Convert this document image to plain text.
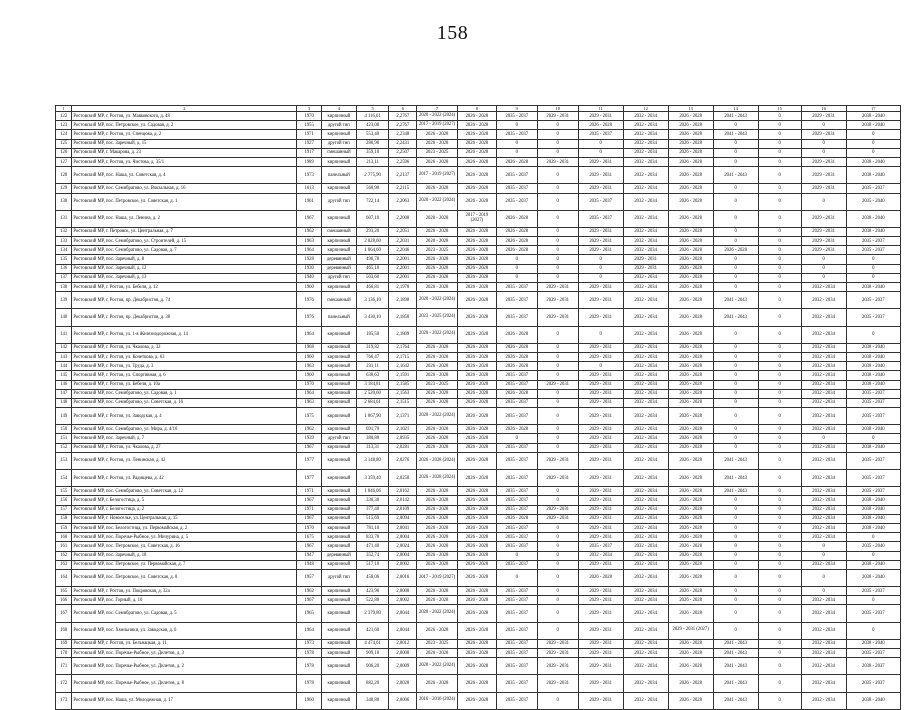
158
1	2	3	4	5	6	7	8	9	10	11	12	13	14	15	16	17
122	Ростовский МР, г. Ростов, ул. Маяковского, д. 48	1970	кирпичный	4 116,61	2,2767	2020 - 2022 (2024)	2026 - 2028	2035 - 2037	2029 - 2031	2029 - 2031	2032 - 2034	2026 - 2028	2041 - 2043	0	2029 - 2031	2038 - 2040
123	Ростовский МР, пос. Петровское, ул. Садовая, д. 2	1955	другой тип	423,00	2,2767	2017 - 2019 (2027)	2026 - 2028	0	0	2026 - 2028	2032 - 2034	2026 - 2028	0	0	0	2038 - 2040
124	Ростовский МР, г. Ростов, ул. Спенцова, д. 2	1971	кирпичный	553,40	2,2348	2026 - 2028	2026 - 2028	2035 - 2037	0	2035 - 2037	2032 - 2034	2026 - 2028	2041 - 2043	0	2029 - 2031	0
125	Ростовский МР, пос. Заречный, д. 15	1927	другой тип	286,90	2,2431	2026 - 2028	2026 - 2028	0	0	0	2032 - 2034	2026 - 2028	0	0	0	0
126	Ростовский МР, г. Макарова, д. 23	1917	смешанный	359,10	2,2507	2023 - 2025	2026 - 2028	0	0	0	2032 - 2034	2026 - 2028	0	0	0	0
127	Ростовский МР, г. Ростов, ул. Чистова, д. 35/1	1989	кирпичный	213,11	2,2596	2026 - 2028	2026 - 2028	2026 - 2028	2029 - 2031	2029 - 2031	2032 - 2034	2026 - 2028	0	0	2029 - 2031	2038 - 2040
128	Ростовский МР, пос. Наша, ул. Советская, д. 4	1973	панельный	2 775,90	2,2137	2017 - 2019 (2027)	2026 - 2028	2035 - 2037	0	2029 - 2031	2032 - 2034	2026 - 2028	2041 - 2043	0	2029 - 2031	2038 - 2040
129	Ростовский МР, пос. Семибратово, ул. Вокзальная, д. 16	1613	кирпичный	560,90	2,2115	2026 - 2028	2026 - 2028	2035 - 2037	0	2029 - 2031	2032 - 2034	2026 - 2028	0	0	2029 - 2031	2035 - 2037
130	Ростовский МР, пос. Петровское, ул. Советская, д. 1	1961	другой тип	722,14	2,2063	2020 - 2022 (2024)	2026 - 2028	2035 - 2037	0	2035 - 2037	2032 - 2034	2026 - 2028	0	0	0	2035 - 2040
131	Ростовский МР, пос. Наша, ул. Ленина, д. 2	1967	кирпичный	607,10	2,2008	2020 - 2028	2017 - 2019 (2027)	2026 - 2028	0	2035 - 2037	2032 - 2034	2026 - 2028	0	0	2029 - 2031	2038 - 2040
132	Ростовский МР, г. Петровск, ул. Центральная, д. 7	1962	смешанный	293,20	2,2051	2026 - 2028	2026 - 2028	2026 - 2028	0	2029 - 2031	2032 - 2034	2026 - 2028	0	0	2029 - 2031	2038 - 2040
133	Ростовский МР, пос. Семибратово, ул. Строителей, д. 15	1963	кирпичный	2 028,60	2,2031	2020 - 2028	2026 - 2028	2026 - 2028	0	2029 - 2031	2032 - 2034	2026 - 2028	0	0	2029 - 2031	2035 - 2037
134	Ростовский МР, пос. Семибратово, ул. Садовая, д. 7	1964	кирпичный	1 064,60	2,2046	2023 - 2025	2026 - 2028	2026 - 2028	0	2029 - 2031	2032 - 2034	2026 - 2028	2026 - 2028	0	2029 - 2031	2035 - 2037
135	Ростовский МР, пос. Заречный, д. 8	1928	деревянный	496,78	2,2001	2026 - 2028	2026 - 2028	0	0	0	2029 - 2031	2026 - 2028	0	0	0	0
136	Ростовский МР, пос. Заречный, д. 12	1930	деревянный	465,10	2,2001	2026 - 2028	2026 - 2028	0	0	0	2029 - 2031	2026 - 2028	0	0	0	0
137	Ростовский МР, пос. Заречный, д. 13	1940	другой тип	503,60	2,2001	2026 - 2028	2026 - 2028	0	0	0	2032 - 2034	2026 - 2028	0	0	0	0
138	Ростовский МР, г. Ростов, ул. Бебеля, д. 12	1960	кирпичный	466,81	2,1978	2026 - 2028	2026 - 2028	2035 - 2037	2029 - 2031	2029 - 2031	2032 - 2034	2026 - 2028	0	0	2032 - 2034	2038 - 2040
139	Ростовский МР, г. Ростов, пр. Декабристов, д. 74	1976	смешанный	3 136,10	2,1898	2020 - 2022 (2024)	2026 - 2028	2035 - 2037	2029 - 2031	2029 - 2031	2032 - 2034	2026 - 2028	2041 - 2043	0	2032 - 2034	2035 - 2037
140	Ростовский МР, г. Ростов, пр. Декабристов, д. 38	1976	панельный	3 430,10	2,1850	2023 - 2025 (2024)	2026 - 2028	2035 - 2037	2029 - 2031	2029 - 2031	2032 - 2034	2026 - 2028	2041 - 2043	0	2032 - 2034	2035 - 2037
141	Ростовский МР, г. Ростов, ул. 1-я Железнодорожная, д. 14	1964	кирпичный	185,50	2,1809	2020 - 2022 (2024)	2026 - 2028	2026 - 2028	0	0	2032 - 2034	2026 - 2028	0	0	2032 - 2034	0
142	Ростовский МР, г. Ростов, ул. Чкалова, д. 32	1968	кирпичный	319,82	2,1764	2026 - 2028	2026 - 2028	2026 - 2028	0	2029 - 2031	2032 - 2034	2026 - 2028	0	0	2032 - 2034	2038 - 2040
143	Ростовский МР, г. Ростов, ул. Кочеткова, д. 63	1960	кирпичный	766,47	2,1715	2026 - 2028	2026 - 2028	2026 - 2028	0	2029 - 2031	2032 - 2034	2026 - 2028	0	0	2032 - 2034	2038 - 2040
144	Ростовский МР, г. Ростов, ул. Труда, д. 3	1963	кирпичный	231,11	2,1642	2026 - 2028	2026 - 2028	2026 - 2028	0	0	2032 - 2034	2026 - 2028	0	0	2032 - 2034	2038 - 2040
145	Ростовский МР, г. Ростов, ул. Спортивная, д. 6	1960	кирпичный	630,63	2,1591	2026 - 2028	2026 - 2028	2035 - 2037	0	2029 - 2031	2032 - 2034	2026 - 2028	0	0	2032 - 2034	2038 - 2040
146	Ростовский МР, г. Ростов, ул. Бебеля, д. 10а	1970	кирпичный	3 184,81	2,1585	2023 - 2025	2026 - 2028	2035 - 2037	2029 - 2031	2029 - 2031	2032 - 2034	2026 - 2028	0	0	2032 - 2034	2038 - 2040
147	Ростовский МР, пос. Семибратово, ул. Садовая, д. 1	1964	кирпичный	2 520,60	2,1563	2026 - 2028	2026 - 2028	2026 - 2028	0	2029 - 2031	2032 - 2034	2026 - 2028	0	0	2032 - 2034	2035 - 2037
148	Ростовский МР, пос. Семибратово, ул. Советская, д. 16	1963	кирпичный	2 684,61	2,1515	2026 - 2028	2026 - 2028	2035 - 2037	0	2029 - 2031	2032 - 2034	2026 - 2028	0	0	2032 - 2034	2035 - 2037
149	Ростовский МР, г. Ростов, ул. Заводская, д. 4	1975	кирпичный	1 067,90	2,1371	2020 - 2022 (2024)	2026 - 2028	2035 - 2037	0	2029 - 2031	2032 - 2034	2026 - 2028	0	0	2032 - 2034	2035 - 2037
150	Ростовский МР, пос. Семибратово, ул. Мира, д. 4/10	1962	кирпичный	691,70	2,1021	2026 - 2028	2026 - 2028	2026 - 2028	0	2029 - 2031	2032 - 2034	2026 - 2028	0	0	2032 - 2034	2038 - 2040
151	Ростовский МР, пос. Заречный, д. 7	1939	другой тип	380,80	2,0935	2026 - 2028	2026 - 2028	0	0	2029 - 2031	2032 - 2034	2026 - 2028	0	0	0	0
152	Ростовский МР, г. Ростов, ул. Чкалова, д. 27	1967	кирпичный	313,31	2,0281	2026 - 2028	2026 - 2028	2035 - 2037	0	2029 - 2031	2032 - 2034	2026 - 2028	0	0	2032 - 2034	2038 - 2040
153	Ростовский МР, г. Ростов, ул. Ленинская, д. 42	1977	кирпичный	3 148,80	2,0276	2026 - 2028 (2024)	2026 - 2028	2035 - 2037	2029 - 2031	2029 - 2031	2032 - 2034	2026 - 2028	2041 - 2043	0	2032 - 2034	2035 - 2037
154	Ростовский МР, г. Ростов, ул. Радищева, д. 42	1977	кирпичный	3 359,40	2,0250	2026 - 2028 (2024)	2026 - 2028	2035 - 2037	2029 - 2031	2029 - 2031	2032 - 2034	2026 - 2028	2041 - 2043	0	2032 - 2034	2035 - 2037
155	Ростовский МР, пос. Семибратово, ул. Советская, д. 12	1971	кирпичный	1 846,06	2,0162	2026 - 2028	2026 - 2028	2035 - 2037	0	2029 - 2031	2032 - 2034	2026 - 2028	2041 - 2043	0	2032 - 2034	2035 - 2037
156	Ростовский МР, г. Белогостица, д. 5	1967	кирпичный	336,30	2,0142	2026 - 2028	2026 - 2028	2035 - 2037	0	2029 - 2031	2032 - 2034	2026 - 2028	0	0	2032 - 2034	2038 - 2040
157	Ростовский МР, г. Белогостица, д. 2	1971	кирпичный	377,40	2,0109	2026 - 2028	2026 - 2028	2035 - 2037	2029 - 2031	2029 - 2031	2032 - 2034	2026 - 2028	0	0	2032 - 2034	2038 - 2040
158	Ростовский МР, г. Новоселье, ул. Центральная, д. 15	1967	кирпичный	515,69	2,0094	2026 - 2028	2026 - 2028	2026 - 2028	2029 - 2031	2029 - 2031	2032 - 2034	2026 - 2028	0	0	2032 - 2034	2038 - 2040
159	Ростовский МР, пос. Белогостица, ул. Первомайская, д. 2	1970	кирпичный	781,10	2,0041	2026 - 2028	2026 - 2028	2035 - 2037	0	2029 - 2031	2032 - 2034	2026 - 2028	0	0	2032 - 2034	2038 - 2040
160	Ростовский МР, пос. Поречье-Рыбное, ул. Мичурина, д. 5	1675	кирпичный	833,78	2,0004	2026 - 2028	2026 - 2028	2035 - 2037	0	2029 - 2031	2032 - 2034	2026 - 2028	0	0	2032 - 2034	0
161	Ростовский МР, пос. Петровское, ул. Советская, д. 16	1967	кирпичный	471,40	2,0024	2026 - 2028	2026 - 2028	2035 - 2037	0	2035 - 2037	2032 - 2034	2026 - 2028	0	0	0	2035 - 2040
162	Ростовский МР, пос. Заречный, д. 18	1947	деревянный	352,74	2,0004	2026 - 2028	2026 - 2028	0	0	2032 - 2034	2032 - 2034	2026 - 2028	0	0	0	0
163	Ростовский МР, пос. Петровское, ул. Первомайская, д. 7	1948	кирпичный	517,10	2,0002	2026 - 2028	2026 - 2028	2035 - 2037	0	2029 - 2031	2032 - 2034	2026 - 2028	0	0	2032 - 2034	2038 - 2040
164	Ростовский МР, пос. Петровское, ул. Советская, д. 8	1957	другой тип	458,06	2,0016	2017 - 2019 (2027)	2026 - 2028	0	0	2026 - 2028	2032 - 2034	2026 - 2028	0	0	0	2038 - 2040
165	Ростовский МР, г. Ростов, ул. Покровская, д. 32а	1962	кирпичный	423,96	2,0008	2026 - 2028	2026 - 2028	2035 - 2037	0	2029 - 2031	2032 - 2034	2026 - 2028	0	0	0	2035 - 2037
166	Ростовский МР, пос. Горный, д. 10	1967	кирпичный	522,80	2,0002	2026 - 2028	2026 - 2028	2035 - 2037	0	2029 - 2031	2032 - 2034	2026 - 2028	0	0	2032 - 2034	0
167	Ростовский МР, пос. Семибратово, ул. Садовая, д. 5	1965	кирпичный	2 379,80	2,0044	2020 - 2022 (2024)	2026 - 2028	2035 - 2037	0	2029 - 2031	2032 - 2034	2026 - 2028	0	0	2032 - 2034	2035 - 2037
168	Ростовский МР, пос. Хмельники, ул. Заводская, д. 6	1964	кирпичный	421,60	2,0044	2026 - 2028	2026 - 2028	2035 - 2037	0	2029 - 2031	2032 - 2034	2029 - 2031 (2027)	0	0	2032 - 2034	0
169	Ростовский МР, г. Ростов, ул. Бельнацкая, д. 11	1973	кирпичный	4 474,61	2,0012	2023 - 2025	2026 - 2028	2035 - 2037	2029 - 2031	2029 - 2031	2032 - 2034	2026 - 2028	2041 - 2043	0	2032 - 2034	2038 - 2040
170	Ростовский МР, пос. Поречье-Рыбное, ул. Дилетов, д. 3	1978	кирпичный	909,10	2,0008	2026 - 2028	2026 - 2028	2035 - 2037	2029 - 2031	2029 - 2031	2032 - 2034	2026 - 2028	2041 - 2043	0	2032 - 2034	2035 - 2037
171	Ростовский МР, пос. Поречье-Рыбное, ул. Дилетов, д. 2	1978	кирпичный	906,20	2,0009	2020 - 2022 (2024)	2026 - 2028	2035 - 2037	2029 - 2031	2029 - 2031	2032 - 2034	2026 - 2028	2041 - 2043	0	2032 - 2034	2038 - 2037
172	Ростовский МР, пос. Поречье-Рыбное, ул. Дилетов, д. 8	1978	кирпичный	882,20	2,0020	2026 - 2028	2026 - 2028	2035 - 2037	2029 - 2031	2029 - 2031	2032 - 2034	2026 - 2028	2041 - 2043	0	2032 - 2034	2035 - 2037
173	Ростовский МР, пос. Наша, ул. Молодежная, д. 17	1960	кирпичный	340,80	2,0006	2016 - 2016 (2024)	2026 - 2028	2035 - 2037	0	2029 - 2031	2032 - 2034	2026 - 2028	2041 - 2043	0	2032 - 2034	2038 - 2040
